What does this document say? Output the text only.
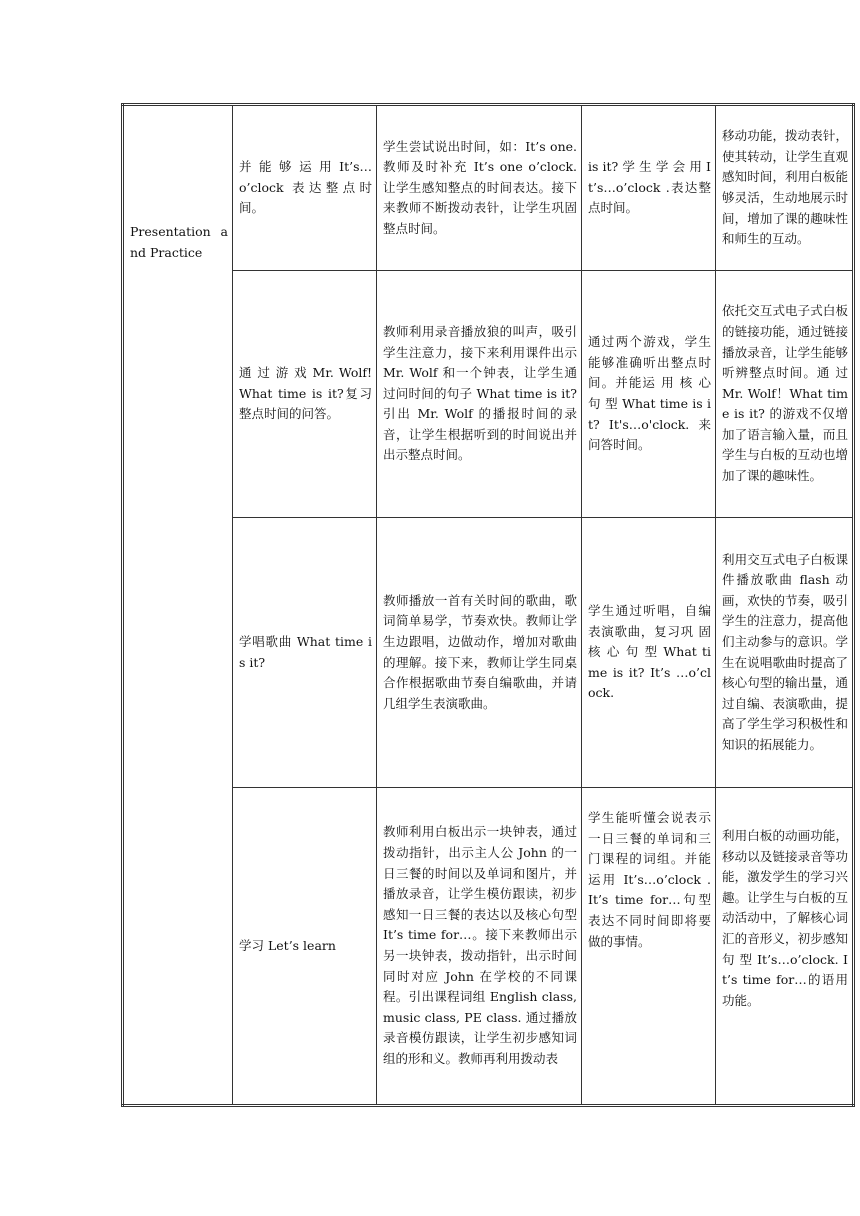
Presentation and Practice	并 能 够 运 用 It’s…o’clock 表达整点时间。	学生尝试说出时间，如：It’s one. 教师及时补充 It’s one o’clock. 让学生感知整点的时间表达。接下来教师不断拨动表针，让学生巩固整点时间。	is it? 学 生 学 会 用 It’s…o’clock .表达整点时间。	移动功能，拨动表针，使其转动，让学生直观感知时间，利用白板能够灵活，生动地展示时间，增加了课的趣味性和师生的互动。

	通 过 游 戏 Mr. Wolf! What time is it?复习整点时间的问答。	教师利用录音播放狼的叫声，吸引学生注意力，接下来利用课件出示 Mr. Wolf 和一个钟表，让学生通过问时间的句子 What time is it?引出 Mr. Wolf 的播报时间的录音，让学生根据听到的时间说出并出示整点时间。	通过两个游戏，学生能够准确听出整点时间。并能运 用 核 心 句 型 What time is it? It's…o'clock. 来 问答时间。	依托交互式电子式白板的链接功能，通过链接播放录音，让学生能够听辨整点时间。通 过 Mr. Wolf！What time is it? 的游戏不仅增加了语言输入量，而且学生与白板的互动也增加了课的趣味性。

	学唱歌曲 What time is it?	教师播放一首有关时间的歌曲，歌词简单易学，节奏欢快。教师让学生边跟唱，边做动作，增加对歌曲的理解。接下来，教师让学生同桌合作根据歌曲节奏自编歌曲，并请几组学生表演歌曲。	学生通过听唱，自编表演歌曲，复习巩 固 核 心 句 型 What time is it? It’s …o’clock.	利用交互式电子白板课件播放歌曲 flash 动画，欢快的节奏，吸引学生的注意力，提高他们主动参与的意识。学生在说唱歌曲时提高了核心句型的输出量，通过自编、表演歌曲，提高了学生学习积极性和知识的拓展能力。

	学习 Let’s learn	教师利用白板出示一块钟表，通过拨动指针，出示主人公 John 的一日三餐的时间以及单词和图片，并播放录音，让学生模仿跟读，初步感知一日三餐的表达以及核心句型 It’s time for…。接下来教师出示另一块钟表，拨动指针，出示时间同时对应 John 在学校的不同课程。引出课程词组 English class, music class, PE class. 通过播放录音模仿跟读，让学生初步感知词组的形和义。教师再利用拨动表	学生能听懂会说表示一日三餐的单词和三门课程的词组。并能运用 It’s…o’clock . It’s time for…句型表达不同时间即将要做的事情。	利用白板的动画功能，移动以及链接录音等功能，激发学生的学习兴趣。让学生与白板的互动活动中，了解核心词汇的音形义，初步感知句 型 It’s…o’clock. It’s time for…的语用功能。
